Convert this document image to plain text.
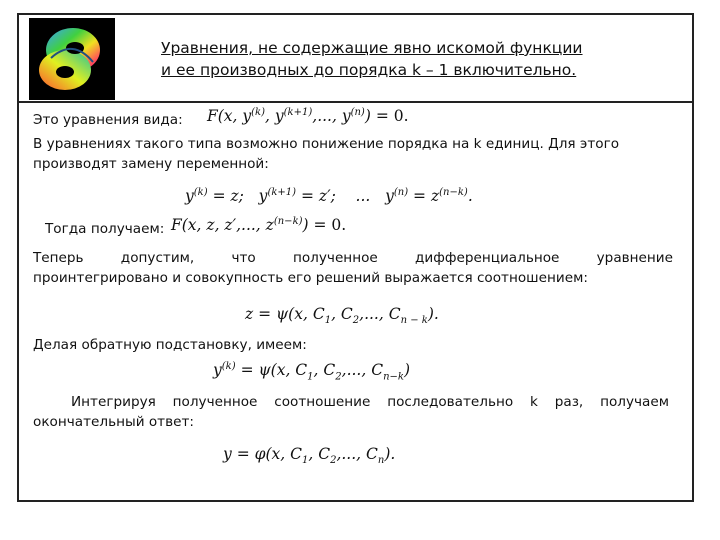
Уравнения, не содержащие явно искомой функции
и ее производных до порядка k – 1 включительно.
Это уравнения вида: F(x, $y^{(k)}$, $y^{(k+1)}$,..., $y^{(n)}) = 0$.
В уравнениях такого типа возможно понижение порядка на k единиц. Для этого
производят замену переменной:
$y^{(k)} = z$;   $y^{(k+1)} = z'$;    ...   $y^{(n)} = z^{(n-k)}$.
Тогда получаем: F(x, z, z′,..., $z^{(n-k)}) = 0$.
Теперь допустим, что полученное дифференциальное уравнение
проинтегрировано и совокупность его решений выражается соотношением:
z = ψ(x, $C_1$, $C_2$,..., $C_{n - k}$).
Делая обратную подстановку, имеем:
$y^{(k)} = \psi(x$, $C_1$, $C_2$,..., $C_{n-k}$)
Интегрируя полученное соотношение последовательно k раз, получаем
окончательный ответ:
y = φ(x, $C_1$, $C_2$,..., $C_n$).
